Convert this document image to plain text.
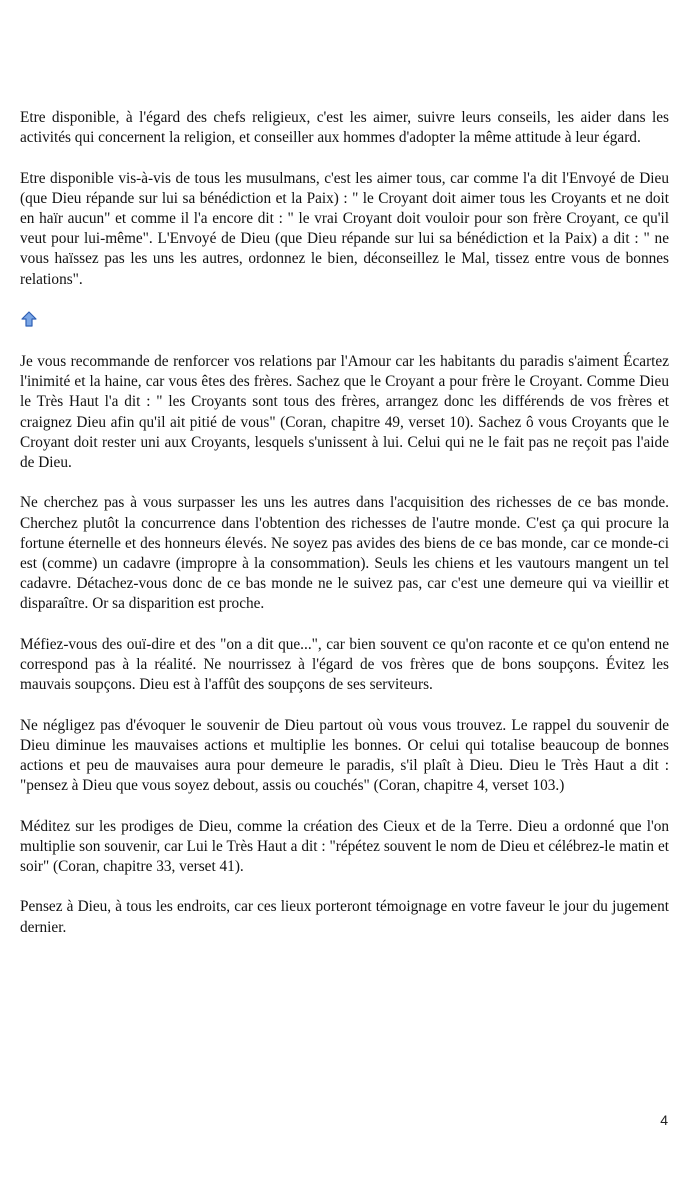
Etre disponible, à l'égard des chefs religieux, c'est les aimer, suivre leurs conseils, les aider dans les activités qui concernent la religion, et conseiller aux hommes d'adopter la même attitude à leur égard.

Etre disponible vis-à-vis de tous les musulmans, c'est les aimer tous, car comme l'a dit l'Envoyé de Dieu (que Dieu répande sur lui sa bénédiction et la Paix) : " le Croyant doit aimer tous les Croyants et ne doit en haïr aucun" et comme il l'a encore dit : " le vrai Croyant doit vouloir pour son frère Croyant, ce qu'il veut pour lui-même". L'Envoyé de Dieu (que Dieu répande sur lui sa bénédiction et la Paix) a dit : " ne vous haïssez pas les uns les autres, ordonnez le bien, déconseillez le Mal, tissez entre vous de bonnes relations".

Je vous recommande de renforcer vos relations par l'Amour car les habitants du paradis s'aiment Écartez l'inimité et la haine, car vous êtes des frères. Sachez que le Croyant a pour frère le Croyant. Comme Dieu le Très Haut l'a dit : " les Croyants sont tous des frères, arrangez donc les différends de vos frères et craignez Dieu afin qu'il ait pitié de vous" (Coran, chapitre 49, verset 10). Sachez ô vous Croyants que le Croyant doit rester uni aux Croyants, lesquels s'unissent à lui. Celui qui ne le fait pas ne reçoit pas l'aide de Dieu.

Ne cherchez pas à vous surpasser les uns les autres dans l'acquisition des richesses de ce bas monde. Cherchez plutôt la concurrence dans l'obtention des richesses de l'autre monde. C'est ça qui procure la fortune éternelle et des honneurs élevés. Ne soyez pas avides des biens de ce bas monde, car ce monde-ci est (comme) un cadavre (impropre à la consommation). Seuls les chiens et les vautours mangent un tel cadavre. Détachez-vous donc de ce bas monde ne le suivez pas, car c'est une demeure qui va vieillir et disparaître. Or sa disparition est proche.

Méfiez-vous des ouï-dire et des "on a dit que...", car bien souvent ce qu'on raconte et ce qu'on entend ne correspond pas à la réalité. Ne nourrissez à l'égard de vos frères que de bons soupçons. Évitez les mauvais soupçons. Dieu est à l'affût des soupçons de ses serviteurs.

Ne négligez pas d'évoquer le souvenir de Dieu partout où vous vous trouvez. Le rappel du souvenir de Dieu diminue les mauvaises actions et multiplie les bonnes. Or celui qui totalise beaucoup de bonnes actions et peu de mauvaises aura pour demeure le paradis, s'il plaît à Dieu. Dieu le Très Haut a dit : "pensez à Dieu que vous soyez debout, assis ou couchés" (Coran, chapitre 4, verset 103.)

Méditez sur les prodiges de Dieu, comme la création des Cieux et de la Terre. Dieu a ordonné que l'on multiplie son souvenir, car Lui le Très Haut a dit : "répétez souvent le nom de Dieu et célébrez-le matin et soir" (Coran, chapitre 33, verset 41).

Pensez à Dieu, à tous les endroits, car ces lieux porteront témoignage en votre faveur le jour du jugement dernier.

4
